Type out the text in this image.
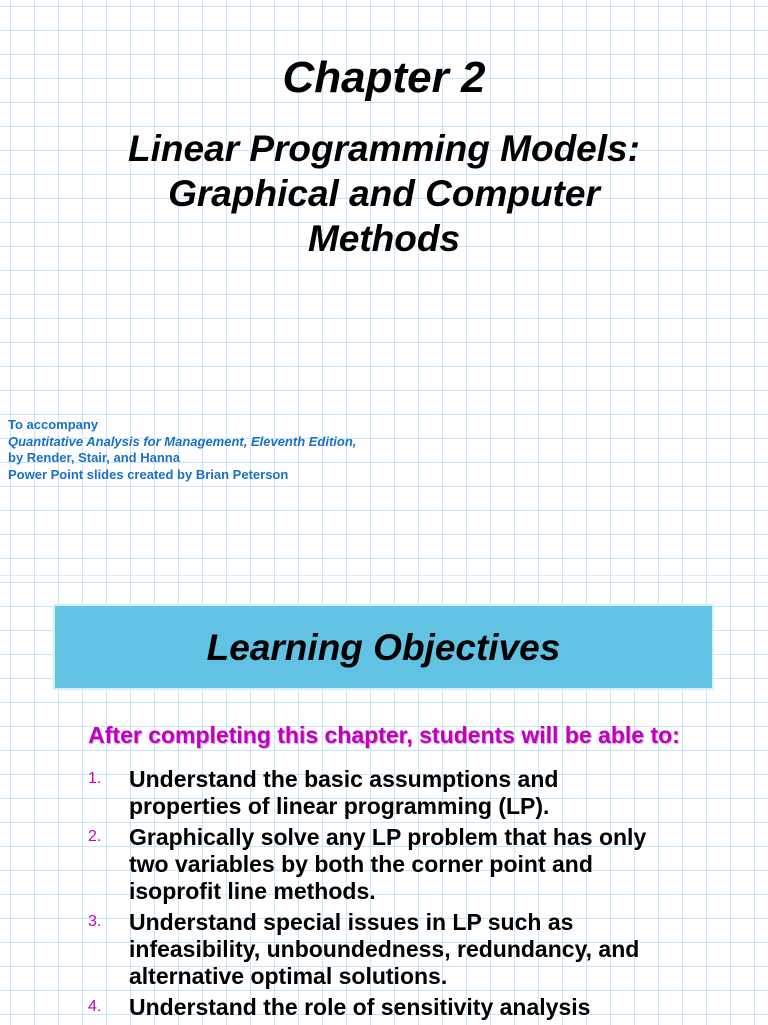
Chapter 2
Linear Programming Models:
Graphical and Computer
Methods
To accompany
Quantitative Analysis for Management, Eleventh Edition,
by Render, Stair, and Hanna
Power Point slides created by Brian Peterson
Learning Objectives
After completing this chapter, students will be able to:
1. Understand the basic assumptions and properties of linear programming (LP).
2. Graphically solve any LP problem that has only two variables by both the corner point and isoprofit line methods.
3. Understand special issues in LP such as infeasibility, unboundedness, redundancy, and alternative optimal solutions.
4. Understand the role of sensitivity analysis
